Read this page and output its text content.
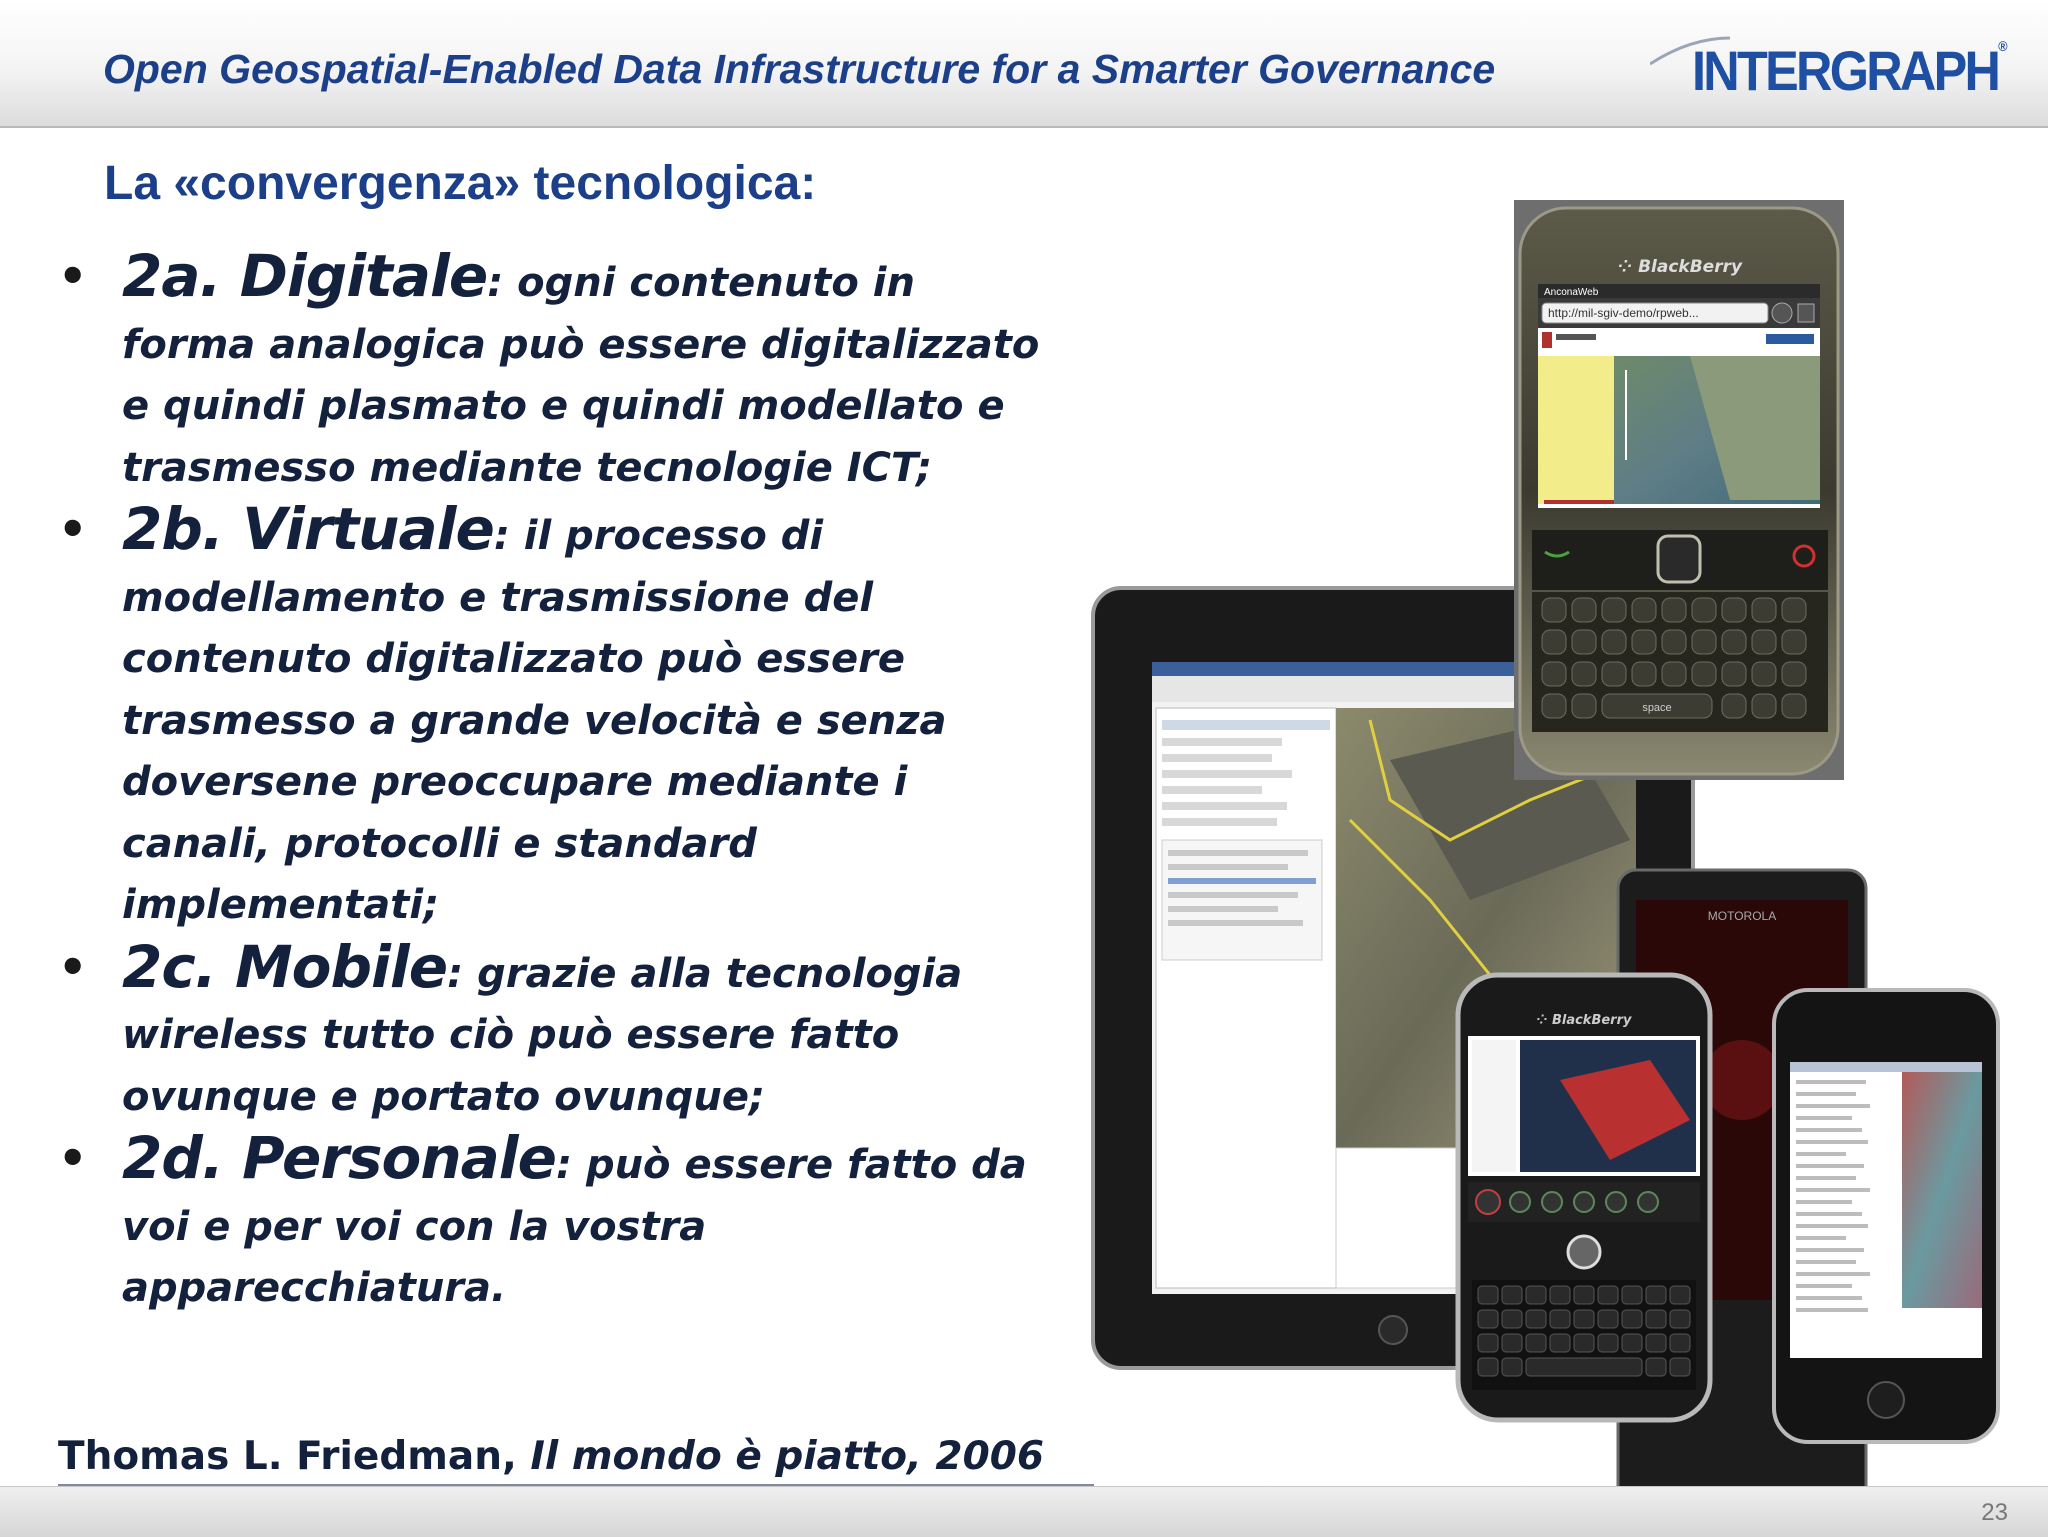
Open Geospatial-Enabled Data Infrastructure for a Smarter Governance	INTERGRAPH®
La «convergenza» tecnologica:
• 2a. Digitale: ogni contenuto in forma analogica può essere digitalizzato e quindi plasmato e quindi modellato e trasmesso mediante tecnologie ICT;
• 2b. Virtuale: il processo di modellamento e trasmissione del contenuto digitalizzato può essere trasmesso a grande velocità e senza doversene preoccupare mediante i canali, protocolli e standard implementati;
• 2c. Mobile: grazie alla tecnologia wireless tutto ciò può essere fatto ovunque e portato ovunque;
• 2d. Personale: può essere fatto da voi e per voi con la vostra apparecchiatura.
Thomas L. Friedman, Il mondo è piatto, 2006
MOTOROLA
⁘ BlackBerry
AnconaWeb
http://mil-sgiv-demo/rpweb...
space
⁘ BlackBerry
23
